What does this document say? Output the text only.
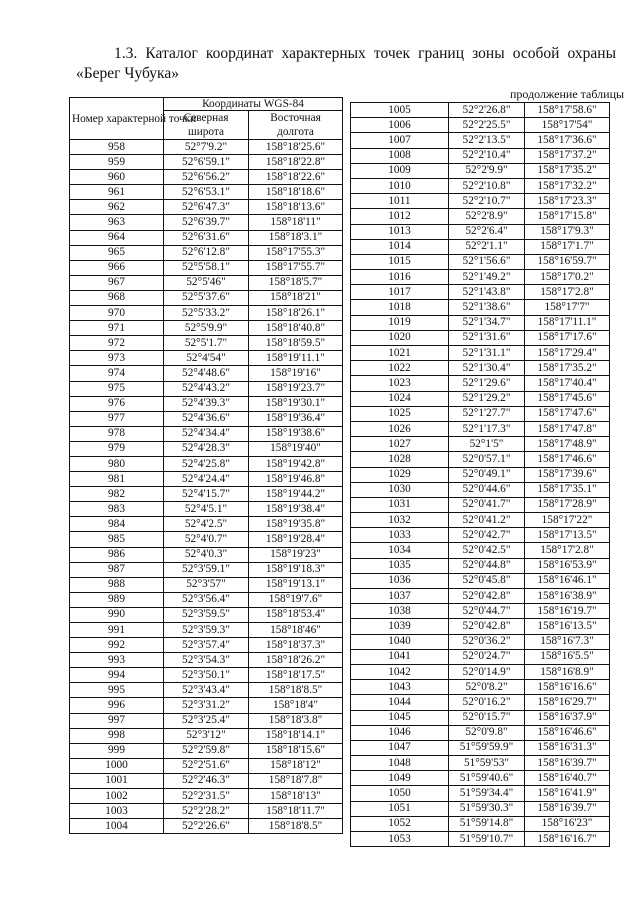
1.3. Каталог координат характерных точек границ зоны особой охраны «Берег Чубука»
продолжение таблицы
Номер характерной точки	Координаты WGS-84	
	Северная широта	Восточная долгота
958	52°7'9.2"	158°18'25.6"
959	52°6'59.1"	158°18'22.8"
960	52°6'56.2"	158°18'22.6"
961	52°6'53.1"	158°18'18.6"
962	52°6'47.3"	158°18'13.6"
963	52°6'39.7"	158°18'11"
964	52°6'31.6"	158°18'3.1"
965	52°6'12.8"	158°17'55.3"
966	52°5'58.1"	158°17'55.7"
967	52°5'46"	158°18'5.7"
968	52°5'37.6"	158°18'21"
970	52°5'33.2"	158°18'26.1"
971	52°5'9.9"	158°18'40.8"
972	52°5'1.7"	158°18'59.5"
973	52°4'54"	158°19'11.1"
974	52°4'48.6"	158°19'16"
975	52°4'43.2"	158°19'23.7"
976	52°4'39.3"	158°19'30.1"
977	52°4'36.6"	158°19'36.4"
978	52°4'34.4"	158°19'38.6"
979	52°4'28.3"	158°19'40"
980	52°4'25.8"	158°19'42.8"
981	52°4'24.4"	158°19'46.8"
982	52°4'15.7"	158°19'44.2"
983	52°4'5.1"	158°19'38.4"
984	52°4'2.5"	158°19'35.8"
985	52°4'0.7"	158°19'28.4"
986	52°4'0.3"	158°19'23"
987	52°3'59.1"	158°19'18.3"
988	52°3'57"	158°19'13.1"
989	52°3'56.4"	158°19'7.6"
990	52°3'59.5"	158°18'53.4"
991	52°3'59.3"	158°18'46"
992	52°3'57.4"	158°18'37.3"
993	52°3'54.3"	158°18'26.2"
994	52°3'50.1"	158°18'17.5"
995	52°3'43.4"	158°18'8.5"
996	52°3'31.2"	158°18'4"
997	52°3'25.4"	158°18'3.8"
998	52°3'12"	158°18'14.1"
999	52°2'59.8"	158°18'15.6"
1000	52°2'51.6"	158°18'12"
1001	52°2'46.3"	158°18'7.8"
1002	52°2'31.5"	158°18'13"
1003	52°2'28.2"	158°18'11.7"
1004	52°2'26.6"	158°18'8.5"
1005	52°2'26.8"	158°17'58.6"
1006	52°2'25.5"	158°17'54"
1007	52°2'13.5"	158°17'36.6"
1008	52°2'10.4"	158°17'37.2"
1009	52°2'9.9"	158°17'35.2"
1010	52°2'10.8"	158°17'32.2"
1011	52°2'10.7"	158°17'23.3"
1012	52°2'8.9"	158°17'15.8"
1013	52°2'6.4"	158°17'9.3"
1014	52°2'1.1"	158°17'1.7"
1015	52°1'56.6"	158°16'59.7"
1016	52°1'49.2"	158°17'0.2"
1017	52°1'43.8"	158°17'2.8"
1018	52°1'38.6"	158°17'7"
1019	52°1'34.7"	158°17'11.1"
1020	52°1'31.6"	158°17'17.6"
1021	52°1'31.1"	158°17'29.4"
1022	52°1'30.4"	158°17'35.2"
1023	52°1'29.6"	158°17'40.4"
1024	52°1'29.2"	158°17'45.6"
1025	52°1'27.7"	158°17'47.6"
1026	52°1'17.3"	158°17'47.8"
1027	52°1'5"	158°17'48.9"
1028	52°0'57.1"	158°17'46.6"
1029	52°0'49.1"	158°17'39.6"
1030	52°0'44.6"	158°17'35.1"
1031	52°0'41.7"	158°17'28.9"
1032	52°0'41.2"	158°17'22"
1033	52°0'42.7"	158°17'13.5"
1034	52°0'42.5"	158°17'2.8"
1035	52°0'44.8"	158°16'53.9"
1036	52°0'45.8"	158°16'46.1"
1037	52°0'42.8"	158°16'38.9"
1038	52°0'44.7"	158°16'19.7"
1039	52°0'42.8"	158°16'13.5"
1040	52°0'36.2"	158°16'7.3"
1041	52°0'24.7"	158°16'5.5"
1042	52°0'14.9"	158°16'8.9"
1043	52°0'8.2"	158°16'16.6"
1044	52°0'16.2"	158°16'29.7"
1045	52°0'15.7"	158°16'37.9"
1046	52°0'9.8"	158°16'46.6"
1047	51°59'59.9"	158°16'31.3"
1048	51°59'53"	158°16'39.7"
1049	51°59'40.6"	158°16'40.7"
1050	51°59'34.4"	158°16'41.9"
1051	51°59'30.3"	158°16'39.7"
1052	51°59'14.8"	158°16'23"
1053	51°59'10.7"	158°16'16.7"
